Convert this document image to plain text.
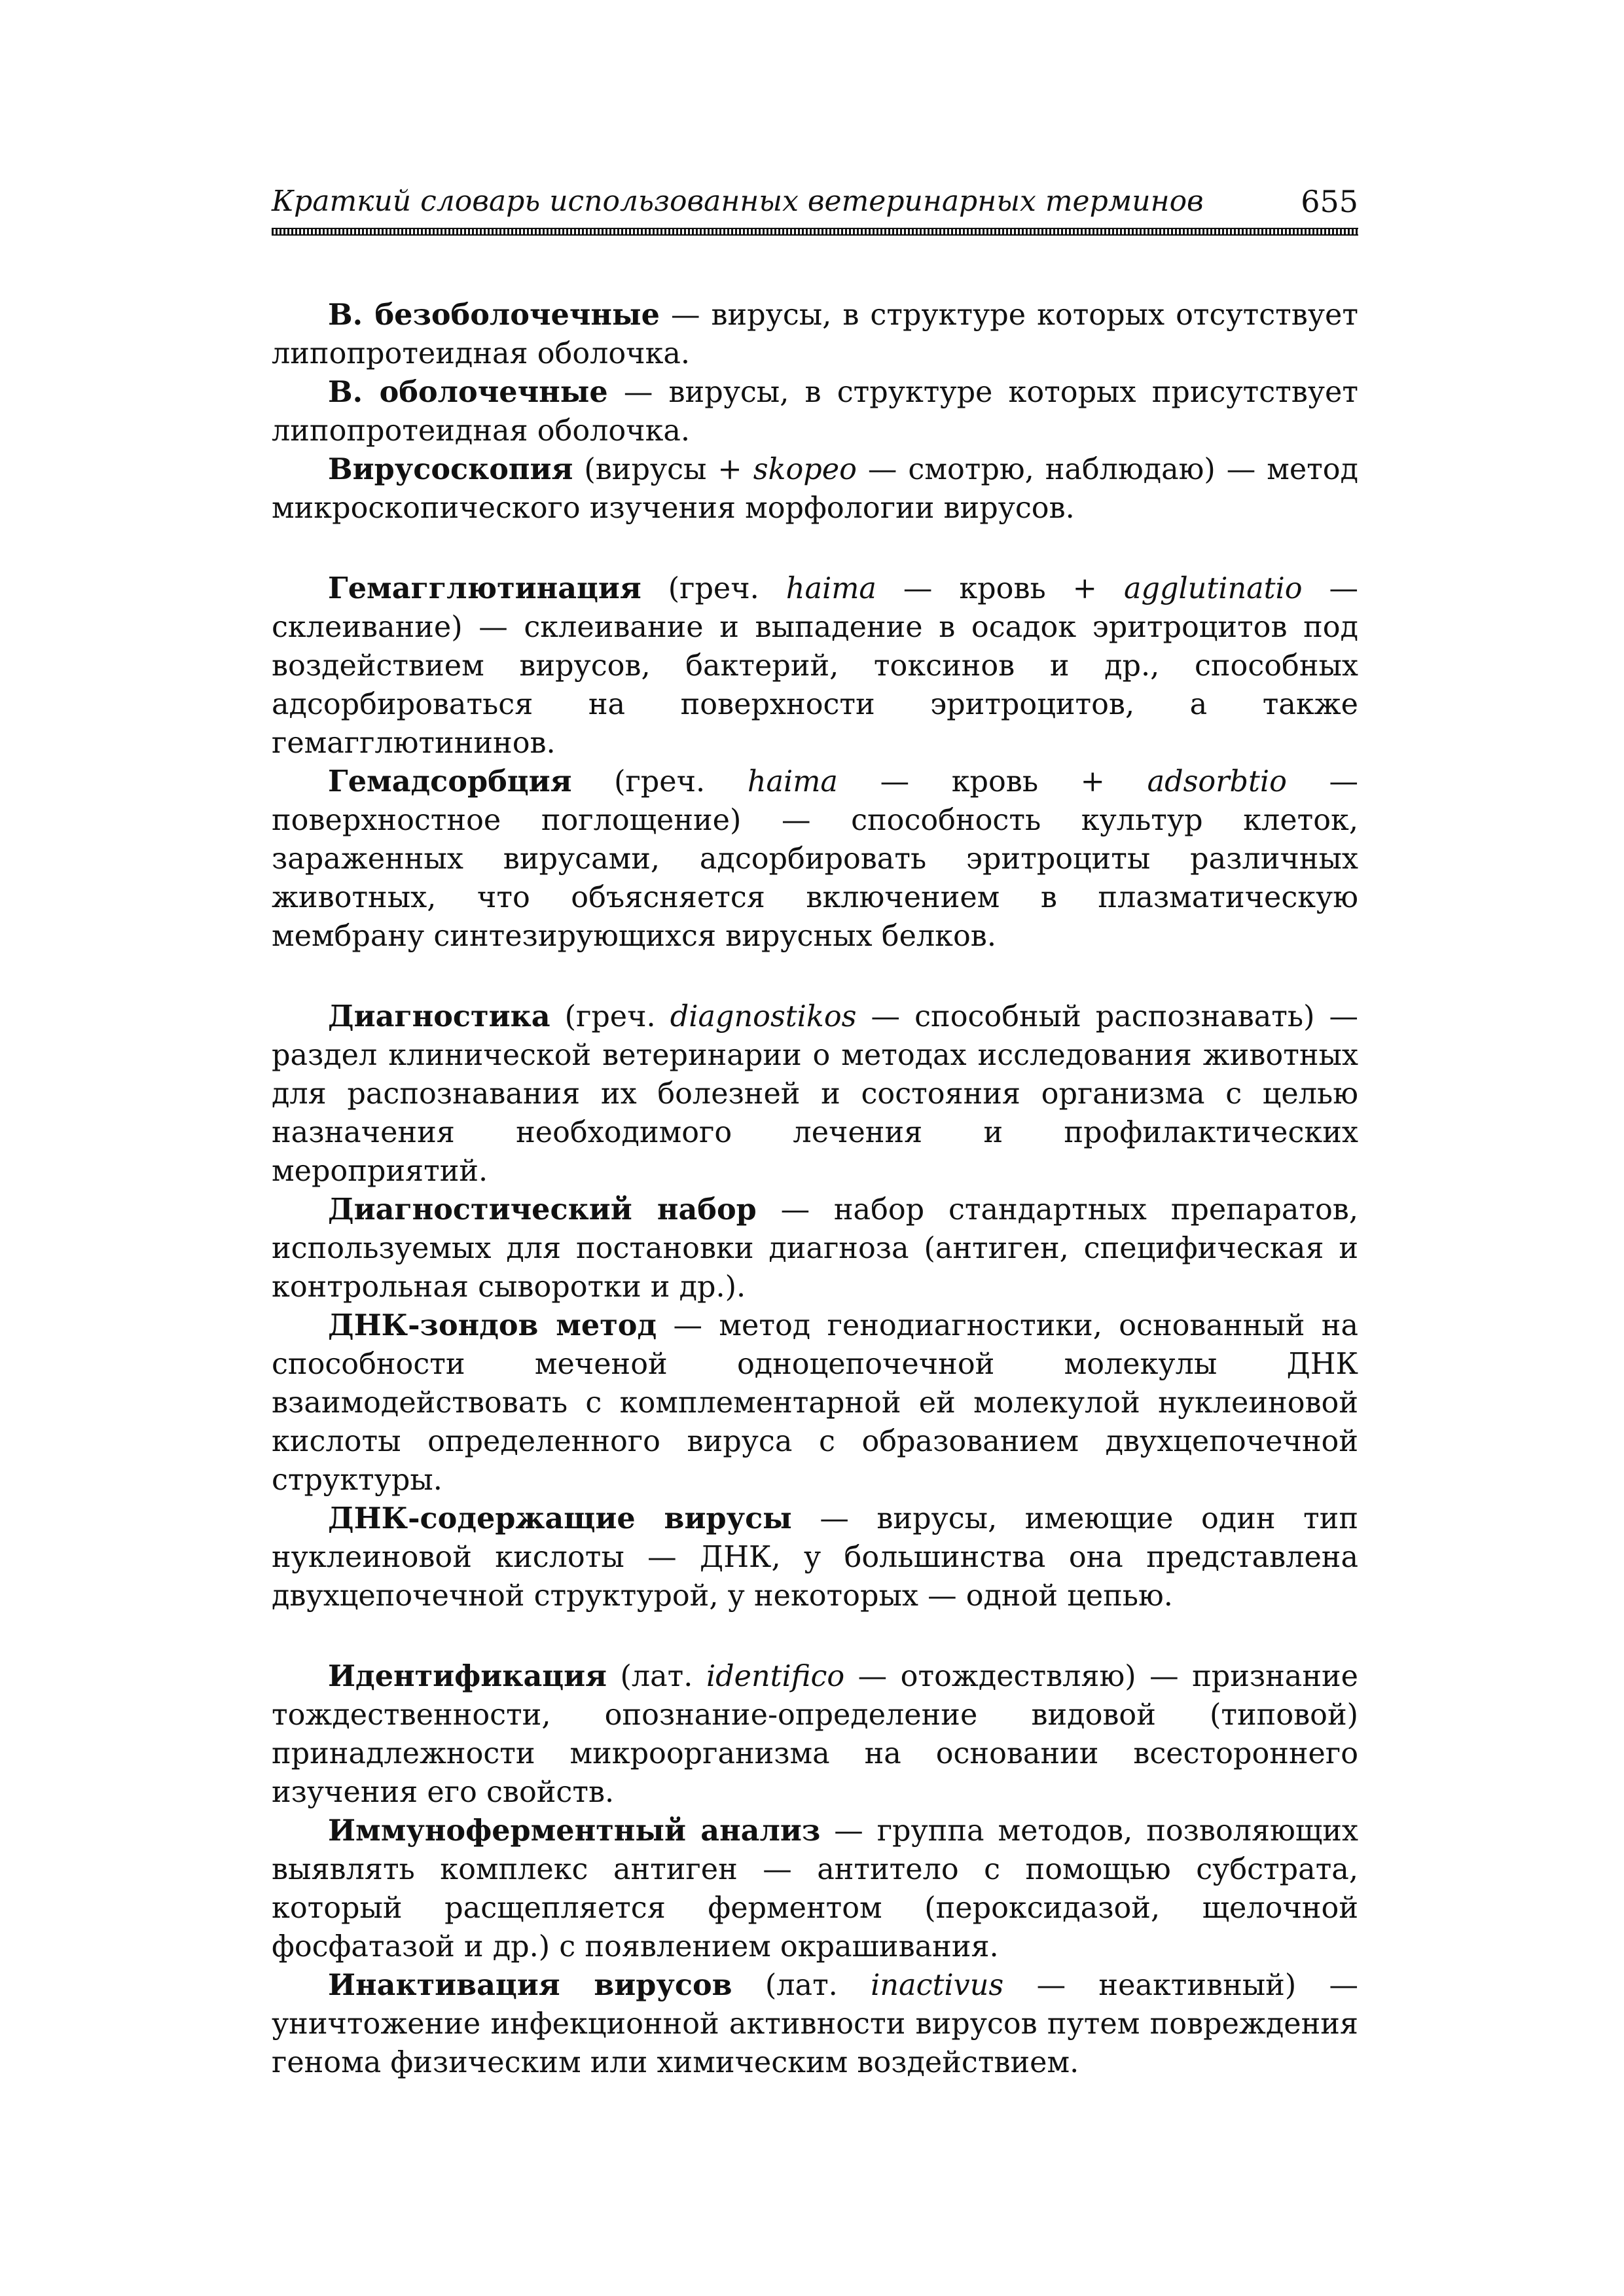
Краткий словарь использованных ветеринарных терминов	655

В. безоболочечные — вирусы, в структуре которых отсутствует липопротеидная оболочка.

В. оболочечные — вирусы, в структуре которых присутствует липопротеидная оболочка.

Вирусоскопия (вирусы + skopeo — смотрю, наблюдаю) — метод микроскопического изучения морфологии вирусов.

Гемагглютинация (греч. haima — кровь + agglutinatio — склеивание) — склеивание и выпадение в осадок эритроцитов под воздействием вирусов, бактерий, токсинов и др., способных адсорбироваться на поверхности эритроцитов, а также гемагглютининов.

Гемадсорбция (греч. haima — кровь + adsorbtio — поверхностное поглощение) — способность культур клеток, зараженных вирусами, адсорбировать эритроциты различных животных, что объясняется включением в плазматическую мембрану синтезирующихся вирусных белков.

Диагностика (греч. diagnostikos — способный распознавать) — раздел клинической ветеринарии о методах исследования животных для распознавания их болезней и состояния организма с целью назначения необходимого лечения и профилактических мероприятий.

Диагностический набор — набор стандартных препаратов, используемых для постановки диагноза (антиген, специфическая и контрольная сыворотки и др.).

ДНК-зондов метод — метод генодиагностики, основанный на способности меченой одноцепочечной молекулы ДНК взаимодействовать с комплементарной ей молекулой нуклеиновой кислоты определенного вируса с образованием двухцепочечной структуры.

ДНК-содержащие вирусы — вирусы, имеющие один тип нуклеиновой кислоты — ДНК, у большинства она представлена двухцепочечной структурой, у некоторых — одной цепью.

Идентификация (лат. identifico — отождествляю) — признание тождественности, опознание-определение видовой (типовой) принадлежности микроорганизма на основании всестороннего изучения его свойств.

Иммуноферментный анализ — группа методов, позволяющих выявлять комплекс антиген — антитело с помощью субстрата, который расщепляется ферментом (пероксидазой, щелочной фосфатазой и др.) с появлением окрашивания.

Инактивация вирусов (лат. inactivus — неактивный) — уничтожение инфекционной активности вирусов путем повреждения генома физическим или химическим воздействием.
